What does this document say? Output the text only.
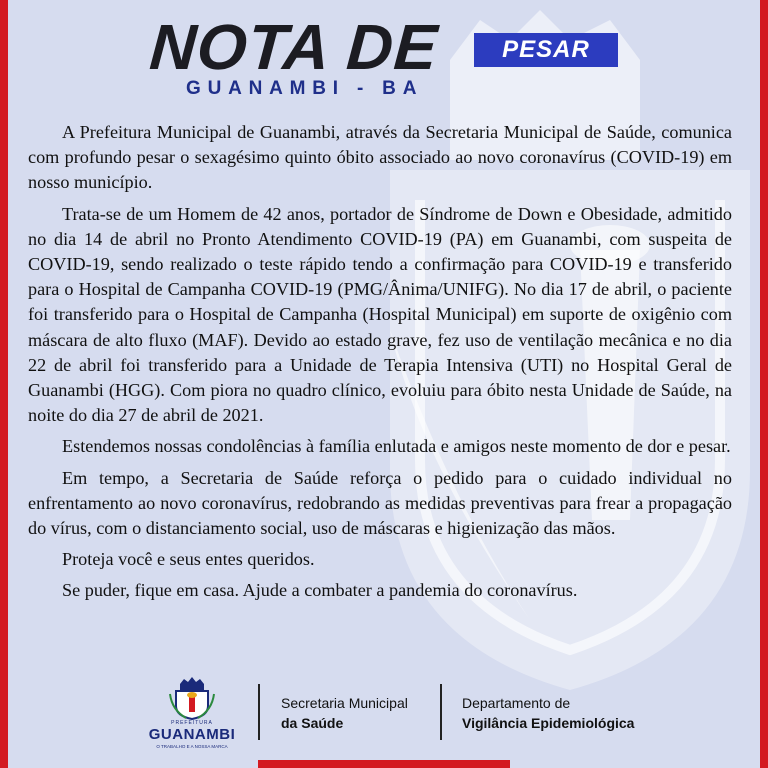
NOTA DE	PESAR
GUANAMBI - BA

A Prefeitura Municipal de Guanambi, através da Secretaria Municipal de Saúde, comunica com profundo pesar o sexagésimo quinto óbito associado ao novo coronavírus (COVID-19) em nosso município.

Trata-se de um Homem de 42 anos, portador de Síndrome de Down e Obesidade, admitido no dia 14 de abril no Pronto Atendimento COVID-19 (PA) em Guanambi, com suspeita de COVID-19, sendo realizado o teste rápido tendo a confirmação para COVID-19 e transferido para o Hospital de Campanha COVID-19 (PMG/Ânima/UNIFG). No dia 17 de abril, o paciente foi transferido para o Hospital de Campanha (Hospital Municipal) em suporte de oxigênio com máscara de alto fluxo (MAF). Devido ao estado grave, fez uso de ventilação mecânica e no dia 22 de abril foi transferido para a Unidade de Terapia Intensiva (UTI) no Hospital Geral de Guanambi (HGG). Com piora no quadro clínico, evoluiu para óbito nesta Unidade de Saúde, na noite do dia 27 de abril de 2021.

Estendemos nossas condolências à família enlutada e amigos neste momento de dor e pesar.

Em tempo, a Secretaria de Saúde reforça o pedido para o cuidado individual no enfrentamento ao novo coronavírus, redobrando as medidas preventivas para frear a propagação do vírus, com o distanciamento social, uso de máscaras e higienização das mãos.

Proteja você e seus entes queridos.

Se puder, fique em casa. Ajude a combater a pandemia do coronavírus.

PREFEITURA
GUANAMBI
O TRABALHO E A NOSSA MARCA
Secretaria Municipal
da Saúde
Departamento de
Vigilância Epidemiológica
